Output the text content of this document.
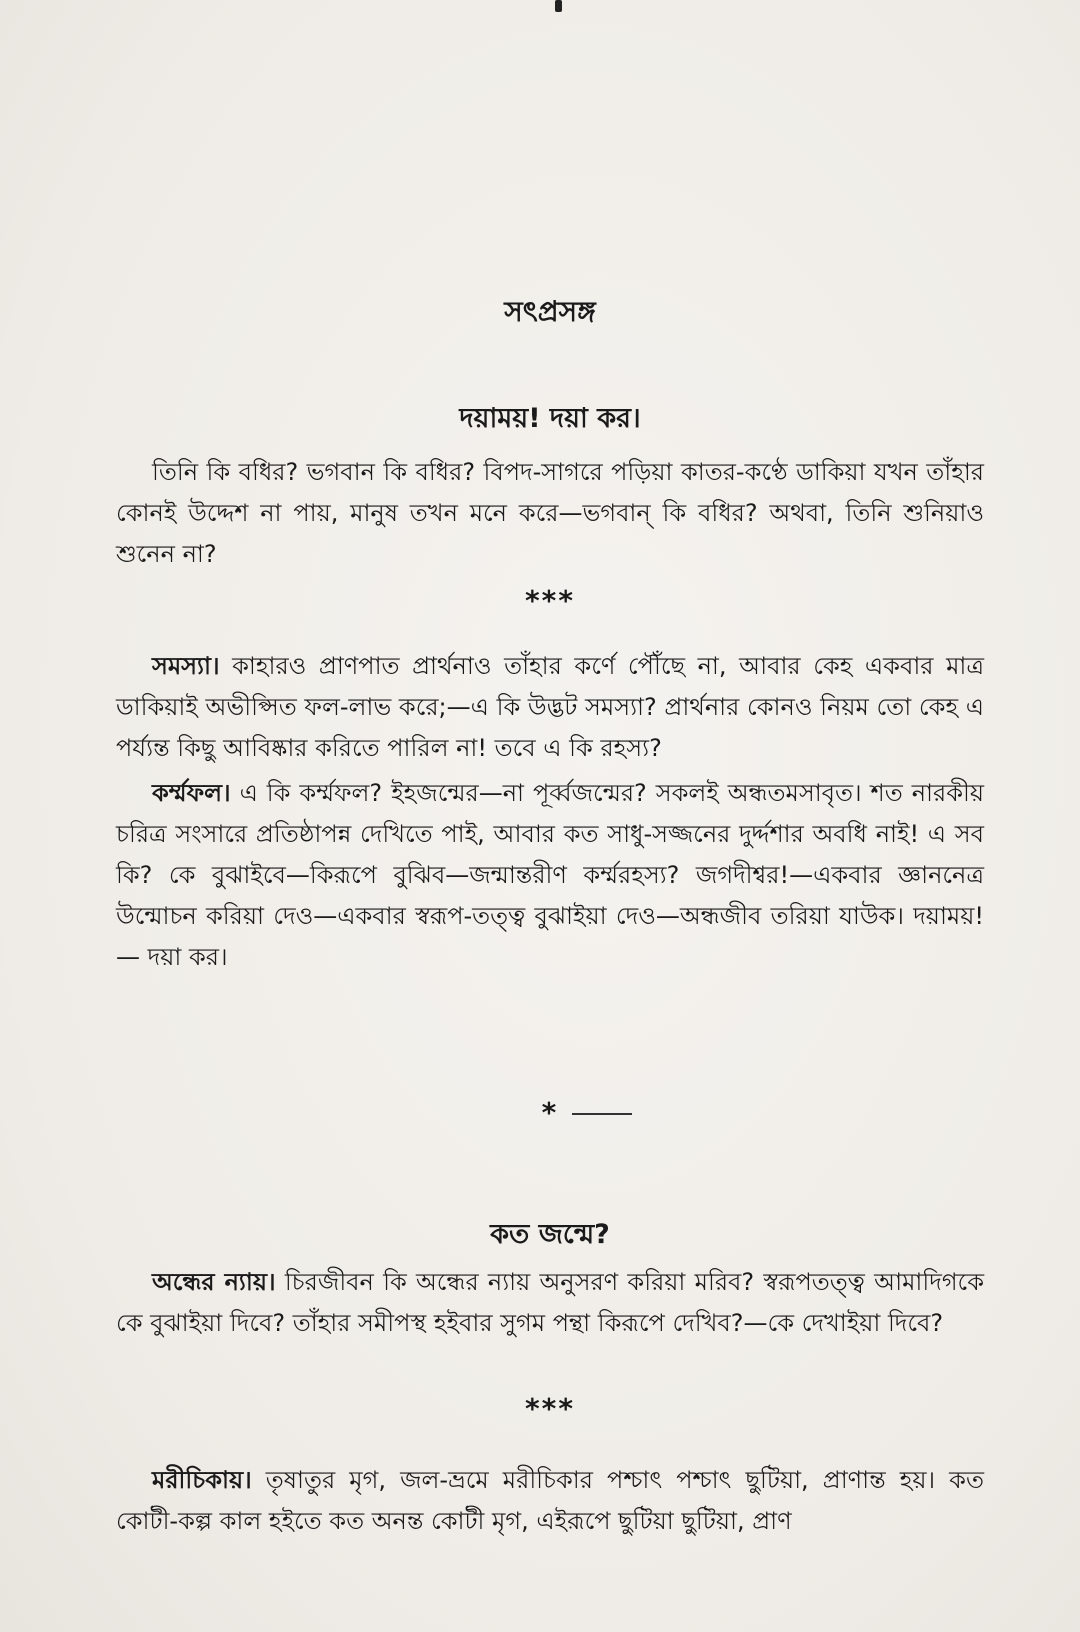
সৎপ্রসঙ্গ
দয়াময়! দয়া কর।

তিনি কি বধির? ভগবান কি বধির? বিপদ-সাগরে পড়িয়া কাতর-কণ্ঠে ডাকিয়া যখন তাঁহার কোনই উদ্দেশ না পায়, মানুষ তখন মনে করে—ভগবান্ কি বধির? অথবা, তিনি শুনিয়াও শুনেন না?

***

সমস্যা। কাহারও প্রাণপাত প্রার্থনাও তাঁহার কর্ণে পৌঁছে না, আবার কেহ একবার মাত্র ডাকিয়াই অভীপ্সিত ফল-লাভ করে;—এ কি উদ্ভট সমস্যা? প্রার্থনার কোনও নিয়ম তো কেহ এ পর্য্যন্ত কিছু আবিষ্কার করিতে পারিল না! তবে এ কি রহস্য?

কর্ম্মফল। এ কি কর্ম্মফল? ইহজন্মের—না পূর্ব্বজন্মের? সকলই অন্ধতমসাবৃত। শত নারকীয় চরিত্র সংসারে প্রতিষ্ঠাপন্ন দেখিতে পাই, আবার কত সাধু-সজ্জনের দুর্দ্দশার অবধি নাই! এ সব কি? কে বুঝাইবে—কিরূপে বুঝিব—জন্মান্তরীণ কর্ম্মরহস্য? জগদীশ্বর!—একবার জ্ঞাননেত্র উন্মোচন করিয়া দেও—একবার স্বরূপ-তত্ত্ব বুঝাইয়া দেও—অন্ধজীব তরিয়া যাউক। দয়াময়!— দয়া কর।

*
কত জন্মে?

অন্ধের ন্যায়। চিরজীবন কি অন্ধের ন্যায় অনুসরণ করিয়া মরিব? স্বরূপতত্ত্ব আমাদিগকে কে বুঝাইয়া দিবে? তাঁহার সমীপস্থ হইবার সুগম পন্থা কিরূপে দেখিব?—কে দেখাইয়া দিবে?

***

মরীচিকায়। তৃষাতুর মৃগ, জল-ভ্রমে মরীচিকার পশ্চাৎ পশ্চাৎ ছুটিয়া, প্রাণান্ত হয়। কত কোটী-কল্প কাল হইতে কত অনন্ত কোটী মৃগ, এইরূপে ছুটিয়া ছুটিয়া, প্রাণ
